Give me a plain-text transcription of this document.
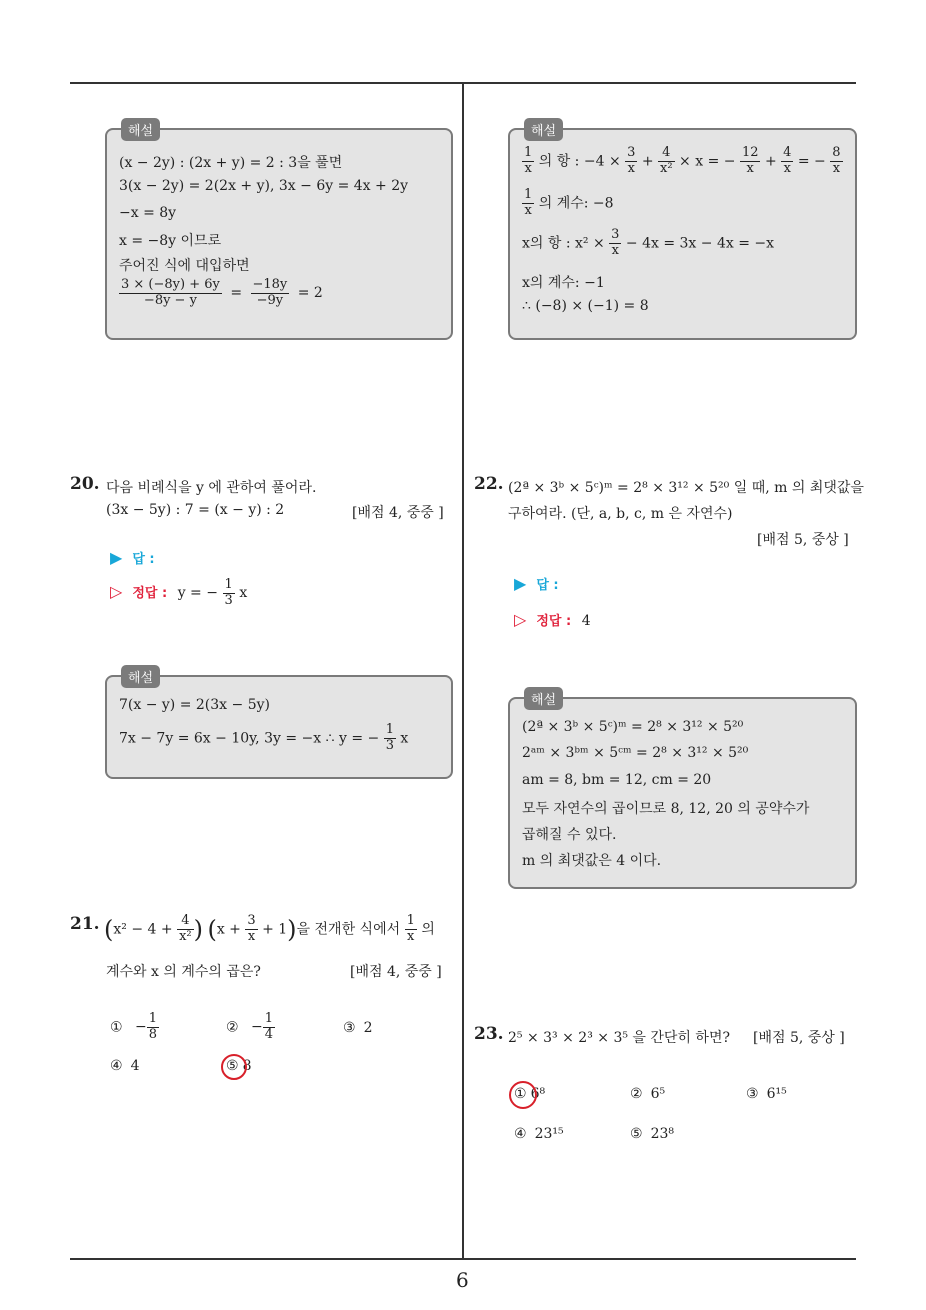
해설
(x − 2y) : (2x + y) = 2 : 3을 풀면
3(x − 2y) = 2(2x + y), 3x − 6y = 4x + 2y
−x = 8y
x = −8y 이므로
주어진 식에 대입하면
$\frac{3 \times (-8y) + 6y}{-8y - y} = \frac{-18y}{-9y} = 2$
해설
$\frac{1}{x}$ 의 항 : $-4 \times \frac{3}{x} + \frac{4}{\text{x²}} \times x$ = − $\frac{12}{x} + \frac{4}{x}$ = − $\frac{8}{x}$
$\frac{1}{x}$ 의 계수: −8
x의 항 : $x^2 \times \frac{3}{x} - 4x = 3x - 4x = -x$
x의 계수: −1
∴ (−8) × (−1) = 8
20. 다음 비례식을 y 에 관하여 풀어라.
(3x − 5y) : 7 = (x − y) : 2	[배점 4, 중중 ]
▶ 답 :
▷ 정답 : y = − $\frac{1}{3}$ x
해설
7(x − y) = 2(3x − 5y)
7x − 7y = 6x − 10y, 3y = −x ∴ y = − $\frac{1}{3}$ x
21. ($x^2 - 4 + \frac{4}{\text{x²}}$ ) $(x + \frac{3}{x} + 1)$을 전개한 식에서 $\frac{1}{x}$ 의
계수와 x 의 계수의 곱은?	[배점 4, 중중 ]
① − $\frac{1}{8}$	② − $\frac{1}{4}$	③ 2
④ 4	⑤ 8
22. (2ª × 3ᵇ × 5ᶜ)ᵐ = 2⁸ × 3¹² × 5²⁰ 일 때, m 의 최댓값을
구하여라. (단, a, b, c, m 은 자연수)
[배점 5, 중상 ]
▶ 답 :
▷ 정답 : 4
해설
(2ª × 3ᵇ × 5ᶜ)ᵐ = 2⁸ × 3¹² × 5²⁰
2ᵃᵐ × 3ᵇᵐ × 5ᶜᵐ = 2⁸ × 3¹² × 5²⁰
am = 8, bm = 12, cm = 20
모두 자연수의 곱이므로 8, 12, 20 의 공약수가
곱해질 수 있다.
m 의 최댓값은 4 이다.
23. 2⁵ × 3³ × 2³ × 3⁵ 을 간단히 하면? [배점 5, 중상 ]
① 6⁸	② 6⁵	③ 6¹⁵
④ 23¹⁵	⑤ 23⁸
6
